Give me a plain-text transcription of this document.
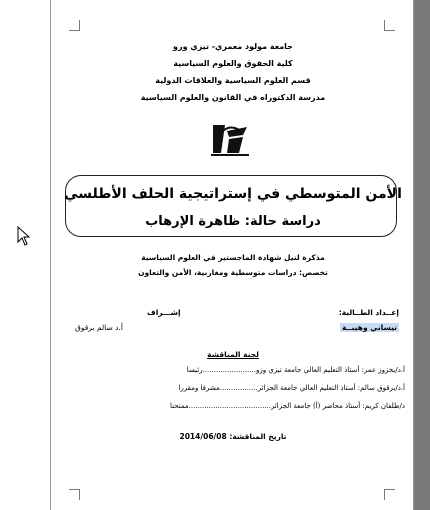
جامعة مولود معمري- تيزي وزو
كلية الحقوق والعلوم السياسية
قسم العلوم السياسية والعلاقات الدولية
مدرسة الدكتوراه في القانون والعلوم السياسية
الأمن المتوسطي في إستراتيجية الحلف الأطلسي
دراسة حالة: ظاهرة الإرهاب
مذكرة لنيل شهادة الماجستير في العلوم السياسية
تخصص: دراسات متوسطية ومغاربية، الأمن والتعاون
إعــداد الطــالبة:
إشـــراف
تيساني وهيبــة
أ.د سالم برقوق
لجنة المناقشة
أ.د/يخزوز عمر: أستاذ التعليم العالي جامعة تيزي وزو........................رئيسا
أ.د/برقوق سالم: أستاذ التعليم العالي جامعة الجزائر.................مشرفا ومقررا
د/طلفان كريم: أستاذ محاضر (أ) جامعة الجزائر.....................................ممتحنا
تاريخ المناقشة: 2014/06/08
